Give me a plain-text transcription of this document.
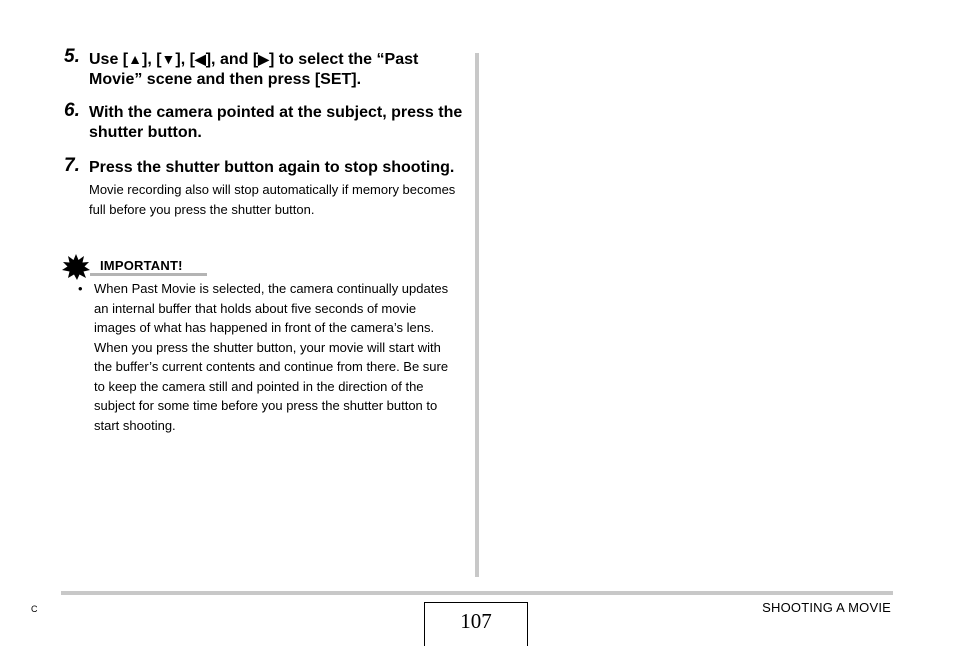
5. Use [▲], [▼], [◀], and [▶] to select the “Past Movie” scene and then press [SET].
6. With the camera pointed at the subject, press the shutter button.
7. Press the shutter button again to stop shooting.
Movie recording also will stop automatically if memory becomes full before you press the shutter button.
IMPORTANT!
• When Past Movie is selected, the camera continually updates an internal buffer that holds about five seconds of movie images of what has happened in front of the camera’s lens. When you press the shutter button, your movie will start with the buffer’s current contents and continue from there. Be sure to keep the camera still and pointed in the direction of the subject for some time before you press the shutter button to start shooting.
C	107
SHOOTING A MOVIE
